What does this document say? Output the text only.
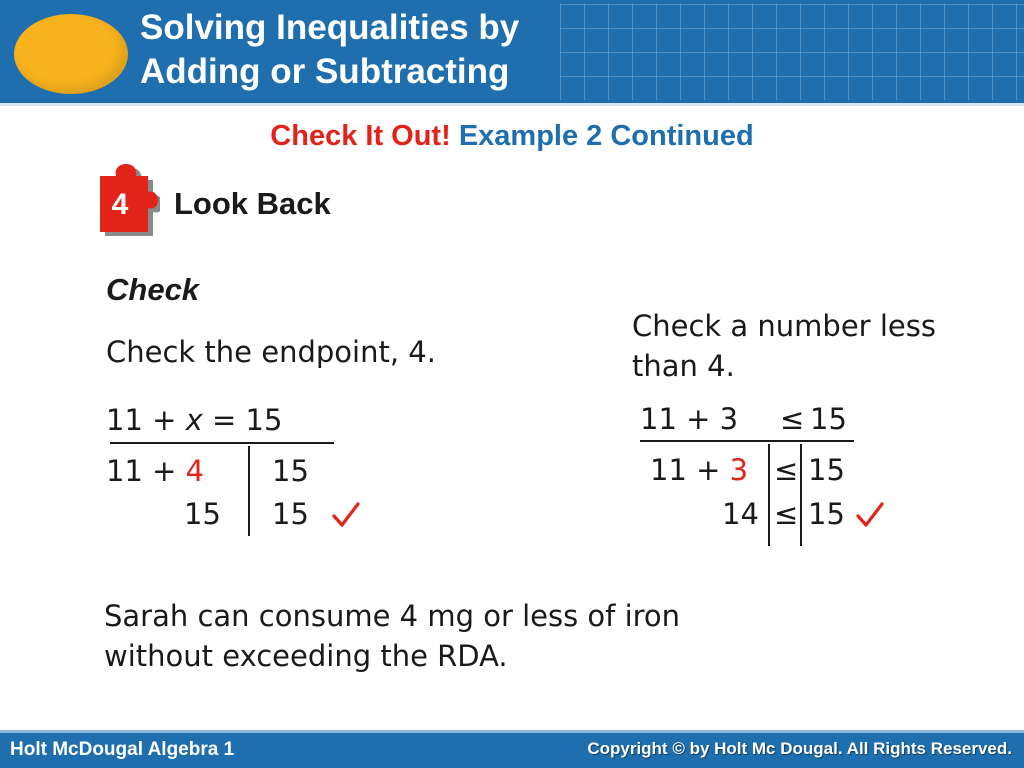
Solving Inequalities by
Adding or Subtracting
Check It Out! Example 2 Continued
4 Look Back
Check
Check the endpoint, 4.
11 + x = 15
11 + 4 15
15 15
Check a number less
than 4.
11 + 3 ≤ 15
11 + 3 ≤ 15
14 ≤ 15
Sarah can consume 4 mg or less of iron
without exceeding the RDA.
Holt McDougal Algebra 1	Copyright © by Holt Mc Dougal. All Rights Reserved.
